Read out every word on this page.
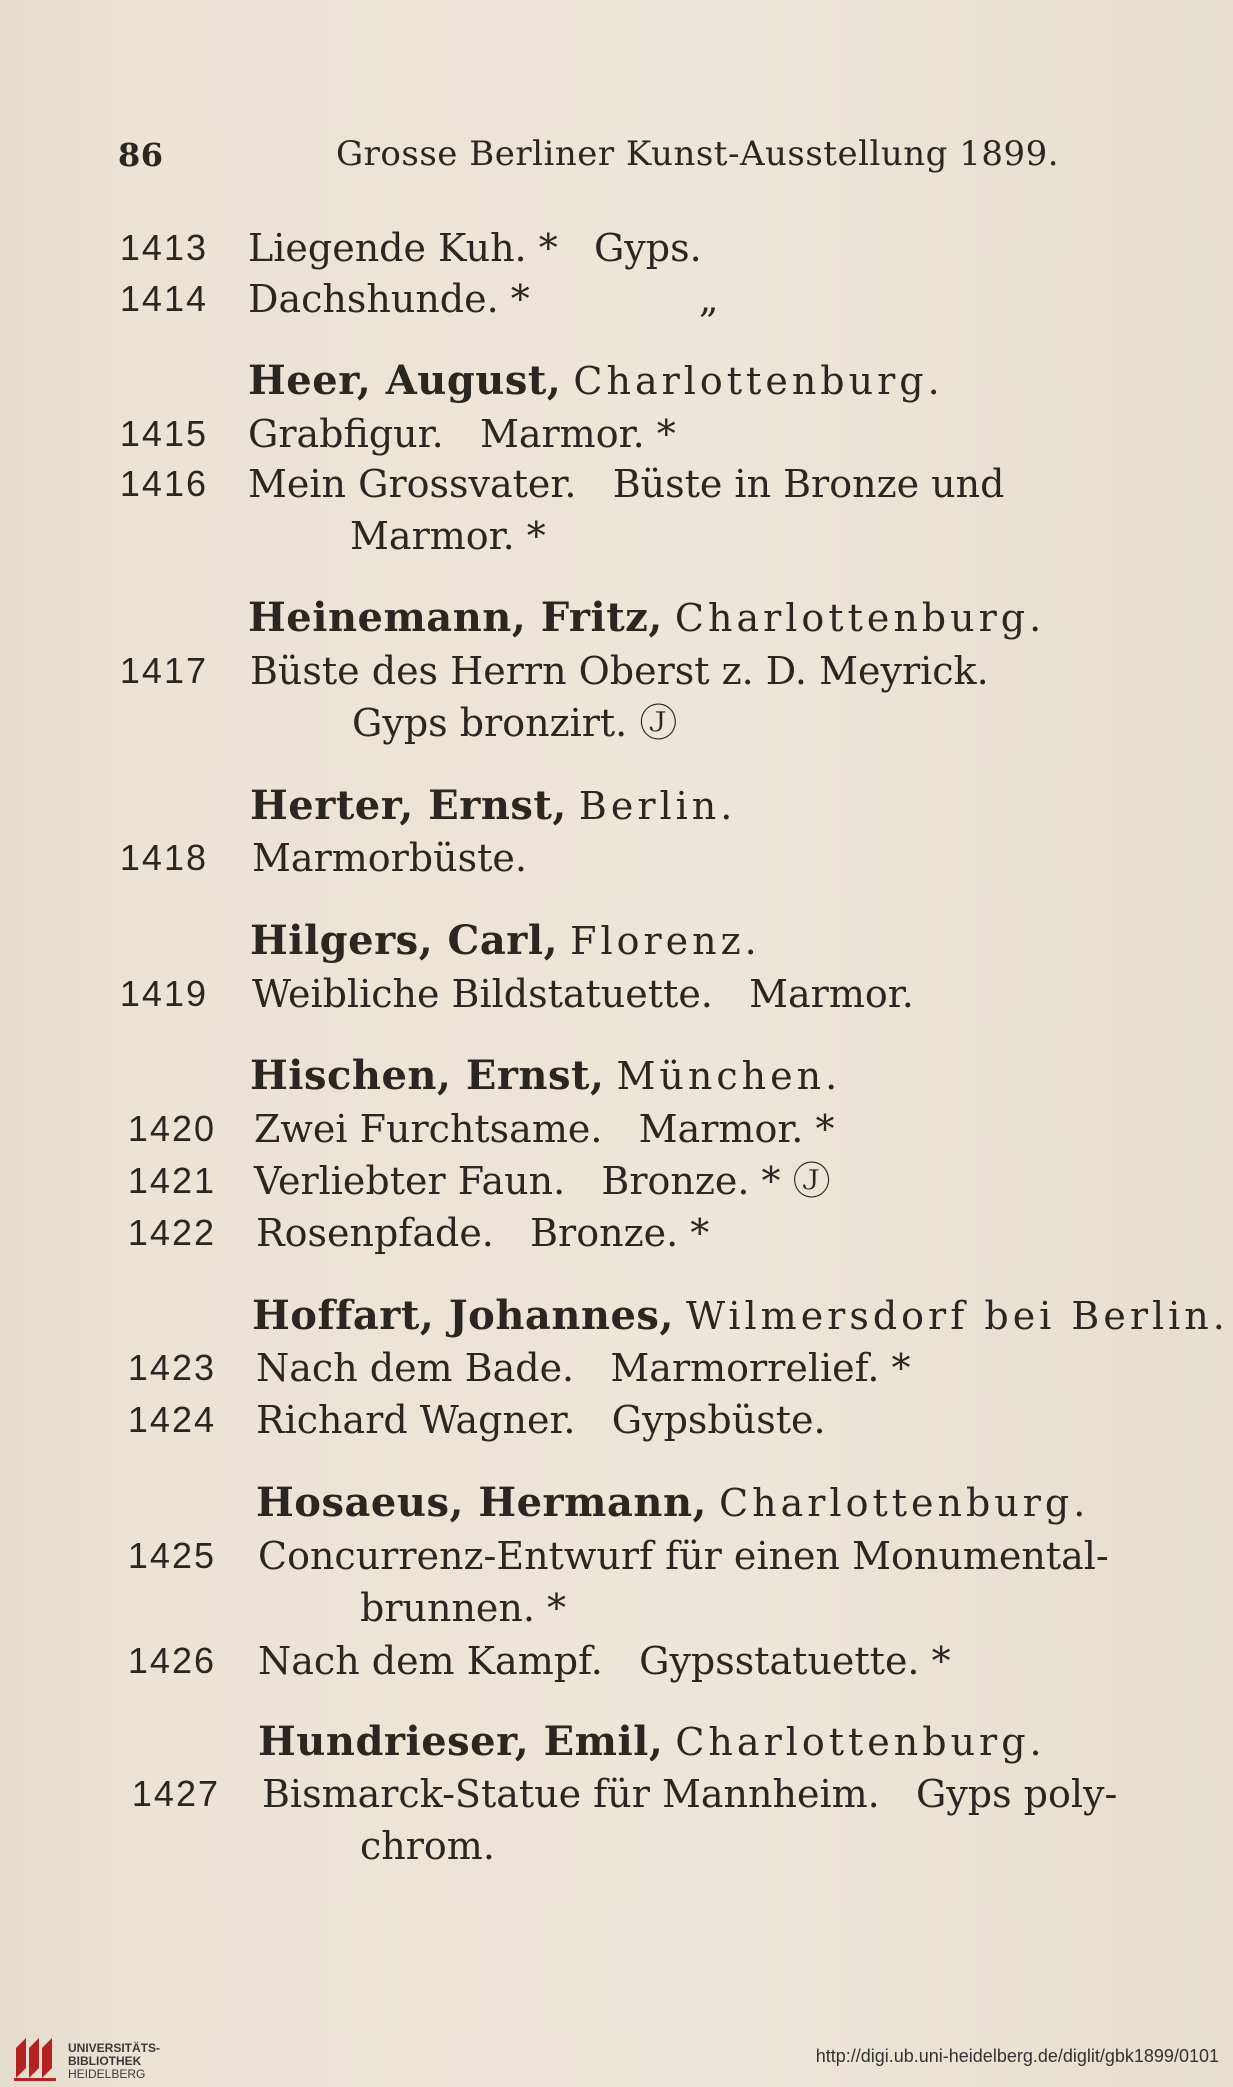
86	Grosse Berliner Kunst-Ausstellung 1899.
1413 Liegende Kuh. *   Gyps.
1414 Dachshunde. *              „
Heer, August, Charlottenburg.
1415 Grabfigur.   Marmor. *
1416 Mein Grossvater.   Büste in Bronze und
Marmor. *
Heinemann, Fritz, Charlottenburg.
1417 Büste des Herrn Oberst z. D. Meyrick.
Gyps bronzirt. Ⓙ
Herter, Ernst, Berlin.
1418 Marmorbüste.
Hilgers, Carl, Florenz.
1419 Weibliche Bildstatuette.   Marmor.
Hischen, Ernst, München.
1420 Zwei Furchtsame.   Marmor. *
1421 Verliebter Faun.   Bronze. * Ⓙ
1422 Rosenpfade.   Bronze. *
Hoffart, Johannes, Wilmersdorf bei Berlin.
1423 Nach dem Bade.   Marmorrelief. *
1424 Richard Wagner.   Gypsbüste.
Hosaeus, Hermann, Charlottenburg.
1425 Concurrenz-Entwurf für einen Monumental-
brunnen. *
1426 Nach dem Kampf.   Gypsstatuette. *
Hundrieser, Emil, Charlottenburg.
1427 Bismarck-Statue für Mannheim.   Gyps poly-
chrom.
UNIVERSITÄTS-
BIBLIOTHEK
HEIDELBERG
http://digi.ub.uni-heidelberg.de/diglit/gbk1899/0101
